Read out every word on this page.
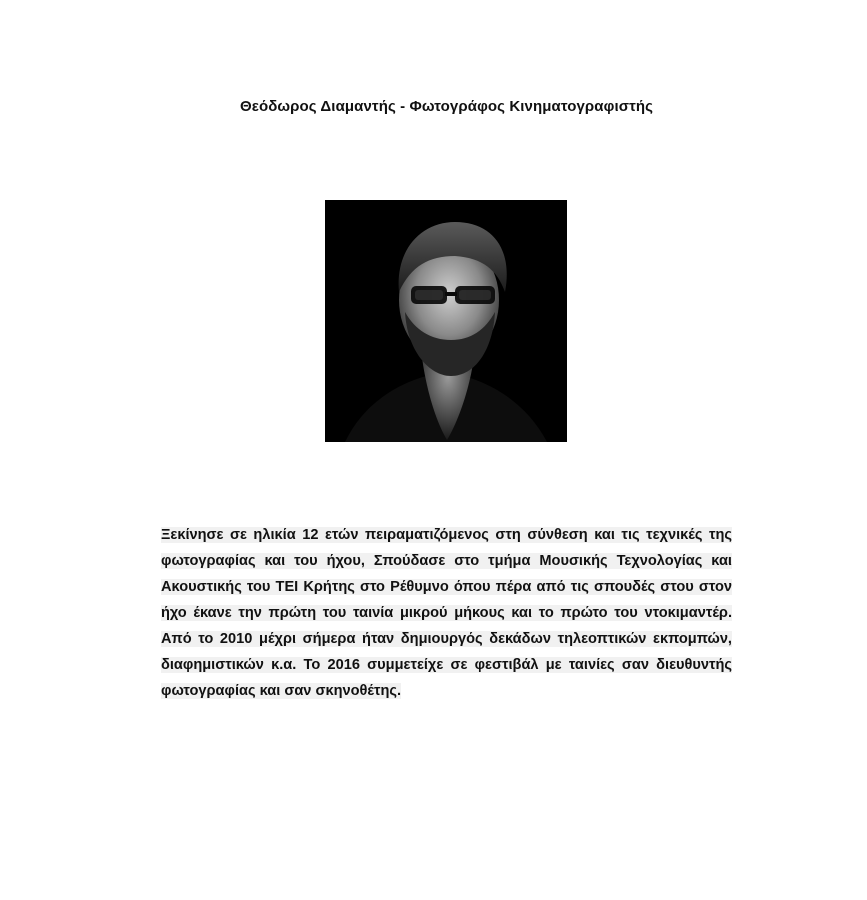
Θεόδωρος Διαμαντής - Φωτογράφος Κινηματογραφιστής

Ξεκίνησε σε ηλικία 12 ετών πειραματιζόμενος στη σύνθεση και τις τεχνικές της φωτογραφίας και του ήχου, Σπούδασε στο τμήμα Μουσικής Τεχνολογίας και Ακουστικής του ΤΕΙ Κρήτης στο Ρέθυμνο όπου πέρα από τις σπουδές στου στον ήχο έκανε την πρώτη του ταινία μικρού μήκους και το πρώτο του ντοκιμαντέρ. Από το 2010 μέχρι σήμερα ήταν δημιουργός δεκάδων τηλεοπτικών εκπομπών, διαφημιστικών κ.α. Το 2016 συμμετείχε σε φεστιβάλ με ταινίες σαν διευθυντής φωτογραφίας και σαν σκηνοθέτης.
